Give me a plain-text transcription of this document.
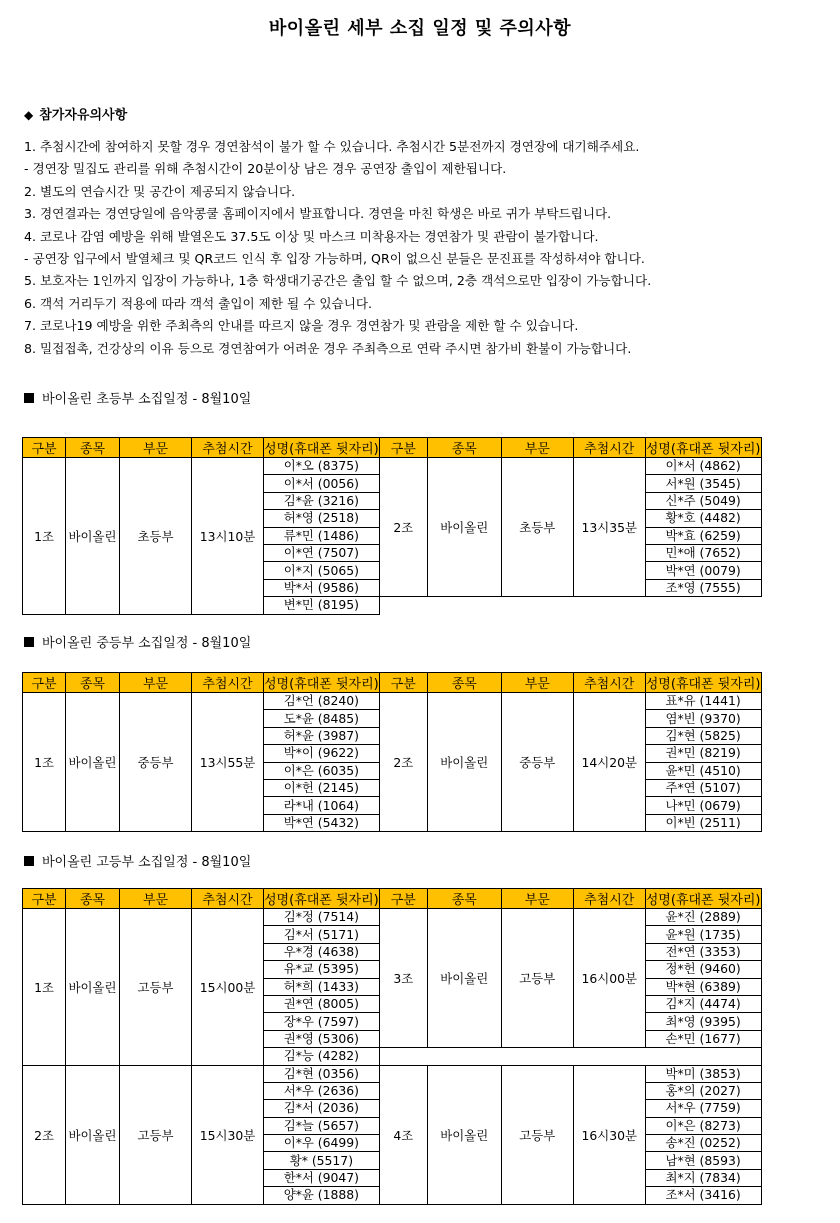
바이올린 세부 소집 일정 및 주의사항
◆ 참가자유의사항
1. 추첨시간에 참여하지 못할 경우 경연참석이 불가 할 수 있습니다. 추첨시간 5분전까지 경연장에 대기해주세요.
- 경연장 밀집도 관리를 위해 추첨시간이 20분이상 남은 경우 공연장 출입이 제한됩니다.
2. 별도의 연습시간 및 공간이 제공되지 않습니다.
3. 경연결과는 경연당일에 음악콩쿨 홈페이지에서 발표합니다. 경연을 마친 학생은 바로 귀가 부탁드립니다.
4. 코로나 감염 예방을 위해 발열온도 37.5도 이상 및 마스크 미착용자는 경연참가 및 관람이 불가합니다.
- 공연장 입구에서 발열체크 및 QR코드 인식 후 입장 가능하며, QR이 없으신 분들은 문진표를 작성하셔야 합니다.
5. 보호자는 1인까지 입장이 가능하나, 1층 학생대기공간은 출입 할 수 없으며, 2층 객석으로만 입장이 가능합니다.
6. 객석 거리두기 적용에 따라 객석 출입이 제한 될 수 있습니다.
7. 코로나19 예방을 위한 주최측의 안내를 따르지 않을 경우 경연참가 및 관람을 제한 할 수 있습니다.
8. 밀접접촉, 건강상의 이유 등으로 경연참여가 어려운 경우 주최측으로 연락 주시면 참가비 환불이 가능합니다.
바이올린 초등부 소집일정 - 8월10일
구분	종목	부문	추첨시간	성명(휴대폰 뒷자리)	구분	종목	부문	추첨시간	성명(휴대폰 뒷자리)
1조	바이올린	초등부	13시10분	이*오 (8375)	2조	바이올린	초등부	13시35분	이*서 (4862)
				이*서 (0056)					서*원 (3545)
				김*윤 (3216)					신*주 (5049)
				허*영 (2518)					황*호 (4482)
				류*민 (1486)					박*효 (6259)
				이*연 (7507)					민*애 (7652)
				이*지 (5065)					박*연 (0079)
				박*서 (9586)					조*영 (7555)
				변*민 (8195)					
바이올린 중등부 소집일정 - 8월10일
구분	종목	부문	추첨시간	성명(휴대폰 뒷자리)	구분	종목	부문	추첨시간	성명(휴대폰 뒷자리)
1조	바이올린	중등부	13시55분	김*언 (8240)	2조	바이올린	중등부	14시20분	표*유 (1441)
				도*윤 (8485)					염*빈 (9370)
				허*윤 (3987)					김*현 (5825)
				박*이 (9622)					권*민 (8219)
				이*은 (6035)					윤*민 (4510)
				이*헌 (2145)					주*연 (5107)
				라*내 (1064)					나*민 (0679)
				박*연 (5432)					이*빈 (2511)
바이올린 고등부 소집일정 - 8월10일
구분	종목	부문	추첨시간	성명(휴대폰 뒷자리)	구분	종목	부문	추첨시간	성명(휴대폰 뒷자리)
1조	바이올린	고등부	15시00분	김*정 (7514)	3조	바이올린	고등부	16시00분	윤*진 (2889)
				김*서 (5171)					윤*원 (1735)
				우*경 (4638)					전*연 (3353)
				유*교 (5395)					정*헌 (9460)
				허*희 (1433)					박*현 (6389)
				권*연 (8005)					김*지 (4474)
				장*우 (7597)					최*영 (9395)
				권*영 (5306)					손*민 (1677)
				김*능 (4282)					
2조	바이올린	고등부	15시30분	김*현 (0356)	4조	바이올린	고등부	16시30분	박*미 (3853)
				서*우 (2636)					홍*의 (2027)
				김*서 (2036)					서*우 (7759)
				김*늘 (5657)					이*은 (8273)
				이*우 (6499)					송*진 (0252)
				황* (5517)					남*현 (8593)
				한*서 (9047)					최*지 (7834)
				양*윤 (1888)					조*서 (3416)
